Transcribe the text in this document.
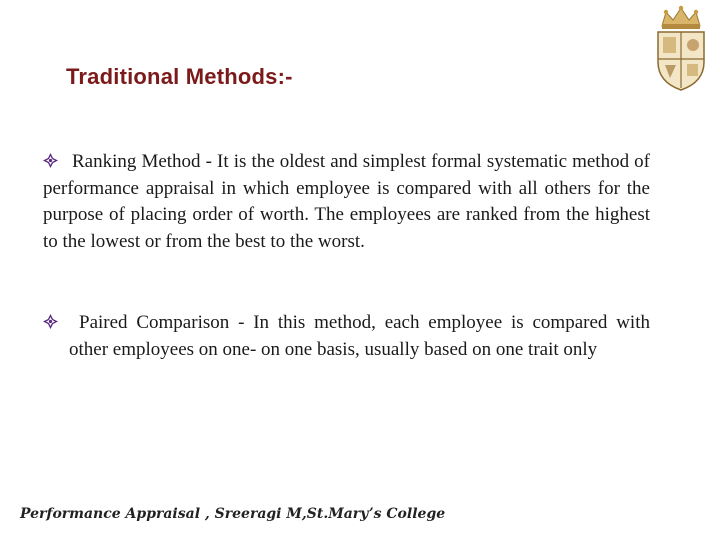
Traditional Methods:-
Ranking Method - It is the oldest and simplest formal systematic method of performance appraisal in which employee is compared with all others for the purpose of placing order of worth. The employees are ranked from the highest to the lowest or from the best to the worst.
Paired Comparison - In this method, each employee is compared with other employees on one- on one basis, usually based on one trait only
Performance Appraisal , Sreeragi M,St.Mary’s College
